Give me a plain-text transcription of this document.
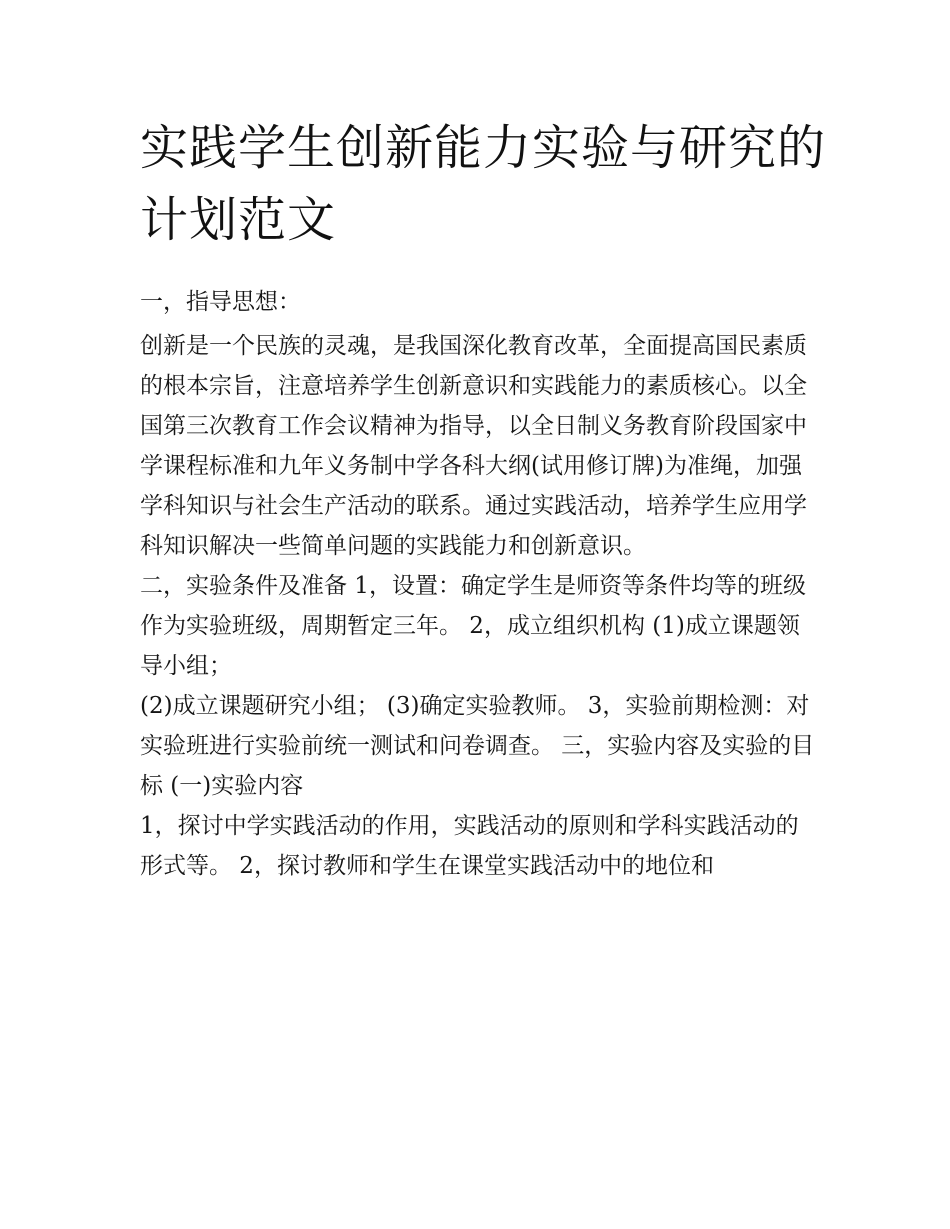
实践学生创新能力实验与研究的计划范文

一，指导思想：

创新是一个民族的灵魂，是我国深化教育改革，全面提高国民素质的根本宗旨，注意培养学生创新意识和实践能力的素质核心。以全国第三次教育工作会议精神为指导，以全日制义务教育阶段国家中学课程标准和九年义务制中学各科大纲(试用修订牌)为准绳，加强学科知识与社会生产活动的联系。通过实践活动，培养学生应用学科知识解决一些简单问题的实践能力和创新意识。

二，实验条件及准备 1，设置：确定学生是师资等条件均等的班级作为实验班级，周期暂定三年。 2，成立组织机构 (1)成立课题领导小组；

(2)成立课题研究小组； (3)确定实验教师。 3，实验前期检测：对实验班进行实验前统一测试和问卷调查。 三，实验内容及实验的目标 (一)实验内容

1，探讨中学实践活动的作用，实践活动的原则和学科实践活动的形式等。 2，探讨教师和学生在课堂实践活动中的地位和
